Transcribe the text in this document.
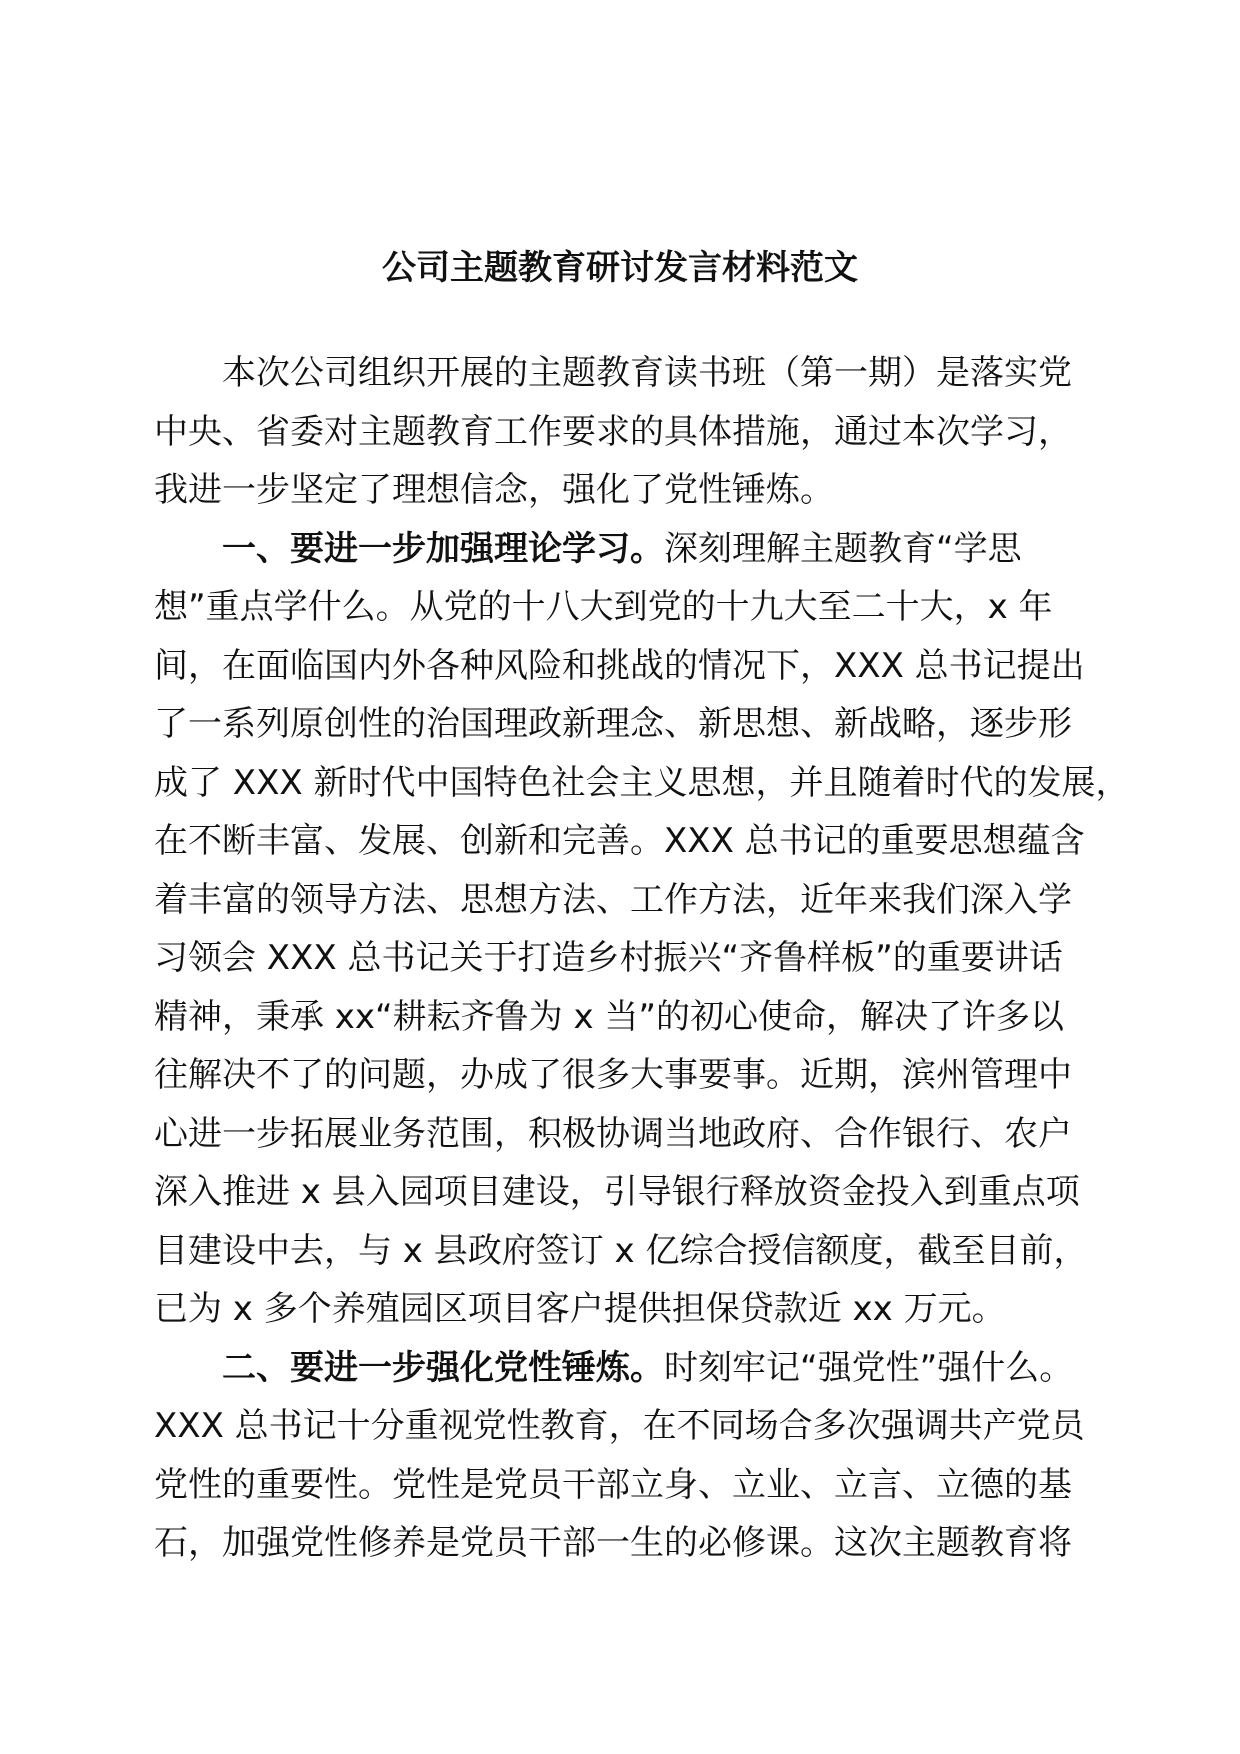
公司主题教育研讨发言材料范文
本次公司组织开展的主题教育读书班（第一期）是落实党
中央、省委对主题教育工作要求的具体措施，通过本次学习，
我进一步坚定了理想信念，强化了党性锤炼。
一、要进一步加强理论学习。深刻理解主题教育“学思
想”重点学什么。从党的十八大到党的十九大至二十大，x 年
间，在面临国内外各种风险和挑战的情况下，XXX 总书记提出
了一系列原创性的治国理政新理念、新思想、新战略，逐步形
成了 XXX 新时代中国特色社会主义思想，并且随着时代的发展，
在不断丰富、发展、创新和完善。XXX 总书记的重要思想蕴含
着丰富的领导方法、思想方法、工作方法，近年来我们深入学
习领会 XXX 总书记关于打造乡村振兴“齐鲁样板”的重要讲话
精神，秉承 xx“耕耘齐鲁为 x 当”的初心使命，解决了许多以
往解决不了的问题，办成了很多大事要事。近期，滨州管理中
心进一步拓展业务范围，积极协调当地政府、合作银行、农户
深入推进 x 县入园项目建设，引导银行释放资金投入到重点项
目建设中去，与 x 县政府签订 x 亿综合授信额度，截至目前，
已为 x 多个养殖园区项目客户提供担保贷款近 xx 万元。
二、要进一步强化党性锤炼。时刻牢记“强党性”强什么。
XXX 总书记十分重视党性教育，在不同场合多次强调共产党员
党性的重要性。党性是党员干部立身、立业、立言、立德的基
石，加强党性修养是党员干部一生的必修课。这次主题教育将
